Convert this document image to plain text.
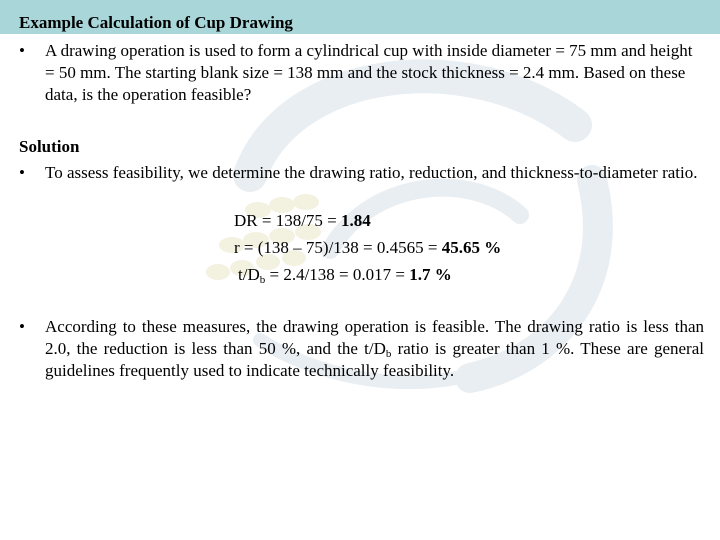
Example Calculation of Cup Drawing
•	A drawing operation is used to form a cylindrical cup with inside diameter = 75 mm and height = 50 mm. The starting blank size = 138 mm and the stock thickness = 2.4 mm. Based on these data, is the operation feasible?
Solution
•	To assess feasibility, we determine the drawing ratio, reduction, and thickness-to-diameter ratio.
DR = 138/75 = 1.84
r = (138 – 75)/138 = 0.4565 = 45.65 %
$t/D_b = 2.4/138 = 0.017 = 1.7$ %
•	According to these measures, the drawing operation is feasible. The drawing ratio is less than 2.0, the reduction is less than 50 %, and the $t/D_b$ ratio is greater than 1 %. These are general guidelines frequently used to indicate technically feasibility.
